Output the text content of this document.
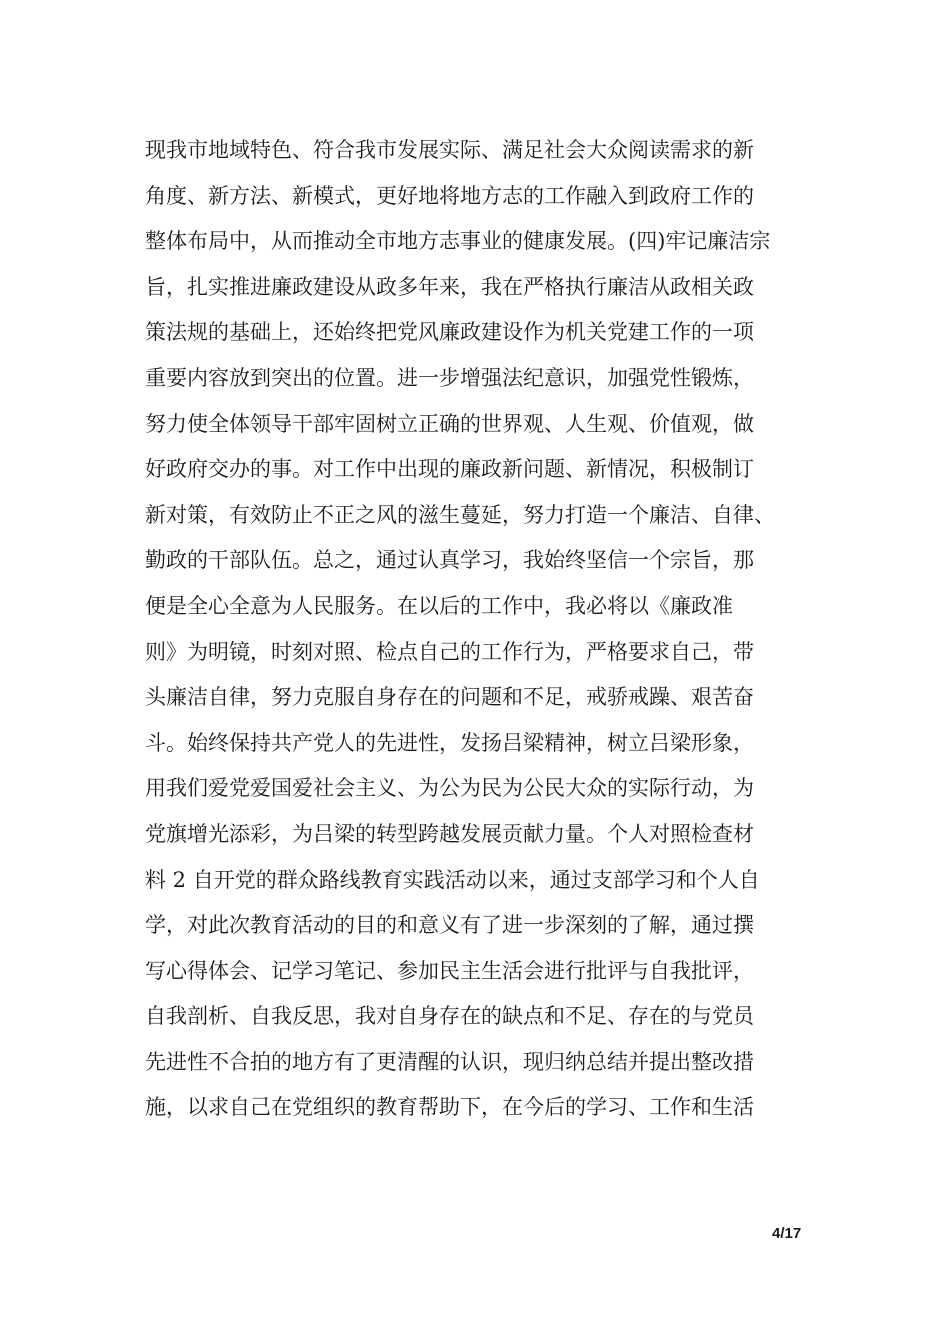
现我市地域特色、符合我市发展实际、满足社会大众阅读需求的新
角度、新方法、新模式，更好地将地方志的工作融入到政府工作的
整体布局中，从而推动全市地方志事业的健康发展。(四)牢记廉洁宗
旨，扎实推进廉政建设从政多年来，我在严格执行廉洁从政相关政
策法规的基础上，还始终把党风廉政建设作为机关党建工作的一项
重要内容放到突出的位置。进一步增强法纪意识，加强党性锻炼，
努力使全体领导干部牢固树立正确的世界观、人生观、价值观，做
好政府交办的事。对工作中出现的廉政新问题、新情况，积极制订
新对策，有效防止不正之风的滋生蔓延，努力打造一个廉洁、自律、
勤政的干部队伍。总之，通过认真学习，我始终坚信一个宗旨，那
便是全心全意为人民服务。在以后的工作中，我必将以《廉政准
则》为明镜，时刻对照、检点自己的工作行为，严格要求自己，带
头廉洁自律，努力克服自身存在的问题和不足，戒骄戒躁、艰苦奋
斗。始终保持共产党人的先进性，发扬吕梁精神，树立吕梁形象，
用我们爱党爱国爱社会主义、为公为民为公民大众的实际行动，为
党旗增光添彩，为吕梁的转型跨越发展贡献力量。个人对照检查材
料 2 自开党的群众路线教育实践活动以来，通过支部学习和个人自
学，对此次教育活动的目的和意义有了进一步深刻的了解，通过撰
写心得体会、记学习笔记、参加民主生活会进行批评与自我批评，
自我剖析、自我反思，我对自身存在的缺点和不足、存在的与党员
先进性不合拍的地方有了更清醒的认识，现归纳总结并提出整改措
施，以求自己在党组织的教育帮助下，在今后的学习、工作和生活
4/17
